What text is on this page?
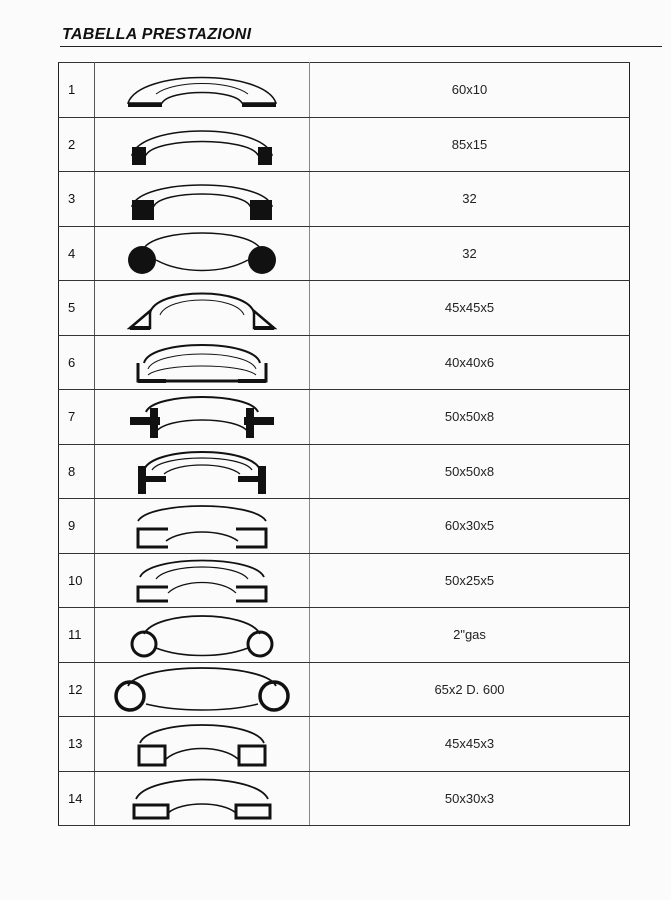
TABELLA PRESTAZIONI
1		60x10
2		85x15
3		32
4		32
5		45x45x5
6		40x40x6
7		50x50x8
8		50x50x8
9		60x30x5
10		50x25x5
11		2"gas
12		65x2 D. 600
13		45x45x3
14		50x30x3
